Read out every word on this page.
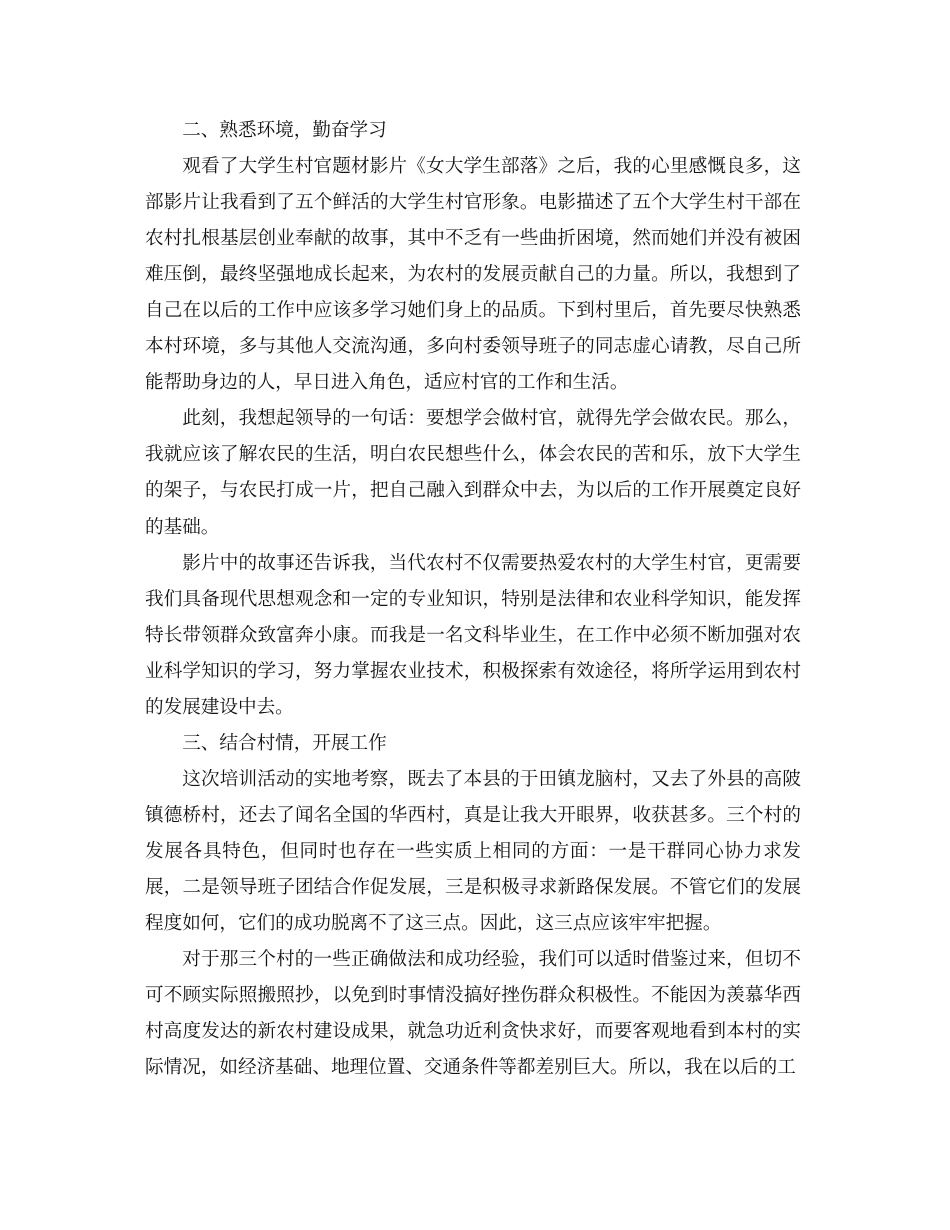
二、熟悉环境，勤奋学习

观看了大学生村官题材影片《女大学生部落》之后，我的心里感慨良多，这部影片让我看到了五个鲜活的大学生村官形象。电影描述了五个大学生村干部在农村扎根基层创业奉献的故事，其中不乏有一些曲折困境，然而她们并没有被困难压倒，最终坚强地成长起来，为农村的发展贡献自己的力量。所以，我想到了自己在以后的工作中应该多学习她们身上的品质。下到村里后，首先要尽快熟悉本村环境，多与其他人交流沟通，多向村委领导班子的同志虚心请教，尽自己所能帮助身边的人，早日进入角色，适应村官的工作和生活。

此刻，我想起领导的一句话：要想学会做村官，就得先学会做农民。那么，我就应该了解农民的生活，明白农民想些什么，体会农民的苦和乐，放下大学生的架子，与农民打成一片，把自己融入到群众中去，为以后的工作开展奠定良好的基础。

影片中的故事还告诉我，当代农村不仅需要热爱农村的大学生村官，更需要我们具备现代思想观念和一定的专业知识，特别是法律和农业科学知识，能发挥特长带领群众致富奔小康。而我是一名文科毕业生，在工作中必须不断加强对农业科学知识的学习，努力掌握农业技术，积极探索有效途径，将所学运用到农村的发展建设中去。

三、结合村情，开展工作

这次培训活动的实地考察，既去了本县的于田镇龙脑村，又去了外县的高陂镇德桥村，还去了闻名全国的华西村，真是让我大开眼界，收获甚多。三个村的发展各具特色，但同时也存在一些实质上相同的方面：一是干群同心协力求发展，二是领导班子团结合作促发展，三是积极寻求新路保发展。不管它们的发展程度如何，它们的成功脱离不了这三点。因此，这三点应该牢牢把握。

对于那三个村的一些正确做法和成功经验，我们可以适时借鉴过来，但切不可不顾实际照搬照抄，以免到时事情没搞好挫伤群众积极性。不能因为羡慕华西村高度发达的新农村建设成果，就急功近利贪快求好，而要客观地看到本村的实际情况，如经济基础、地理位置、交通条件等都差别巨大。所以，我在以后的工
